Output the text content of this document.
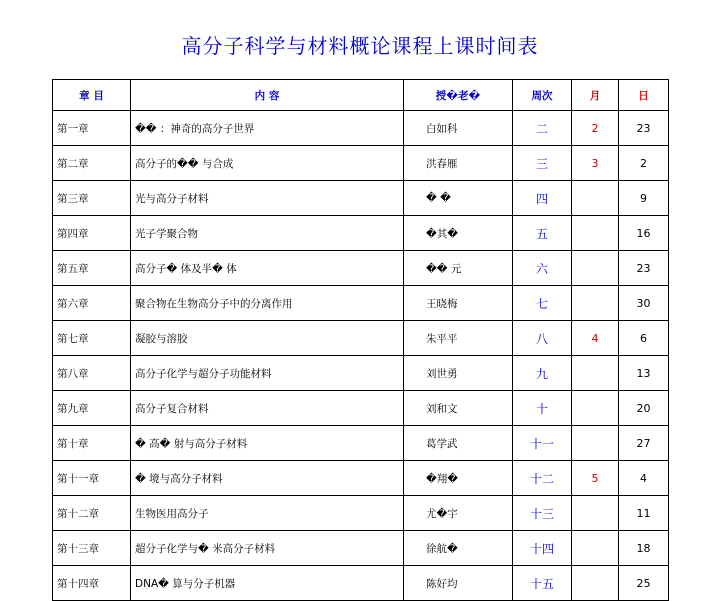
高分子科学与材料概论课程上课时间表
章 目	内 容	授�老�	周次	月	日
第一章	�� ：神奇的高分子世界	白如科	二	2	23
第二章	高分子的�� 与合成	洪春雁	三	3	2
第三章	光与高分子材料	� �	四		9
第四章	光子学聚合物	�其�	五		16
第五章	高分子� 体及半� 体	�� 元	六		23
第六章	聚合物在生物高分子中的分离作用	王晓梅	七		30
第七章	凝胶与溶胶	朱平平	八	4	6
第八章	高分子化学与超分子功能材料	刘世勇	九		13
第九章	高分子复合材料	刘和文	十		20
第十章	� 高� 射与高分子材料	葛学武	十一		27
第十一章	� 境与高分子材料	�翔�	十二	5	4
第十二章	生物医用高分子	尤�宇	十三		11
第十三章	超分子化学与� 米高分子材料	徐航�	十四		18
第十四章	DNA� 算与分子机器	陈好均	十五		25
